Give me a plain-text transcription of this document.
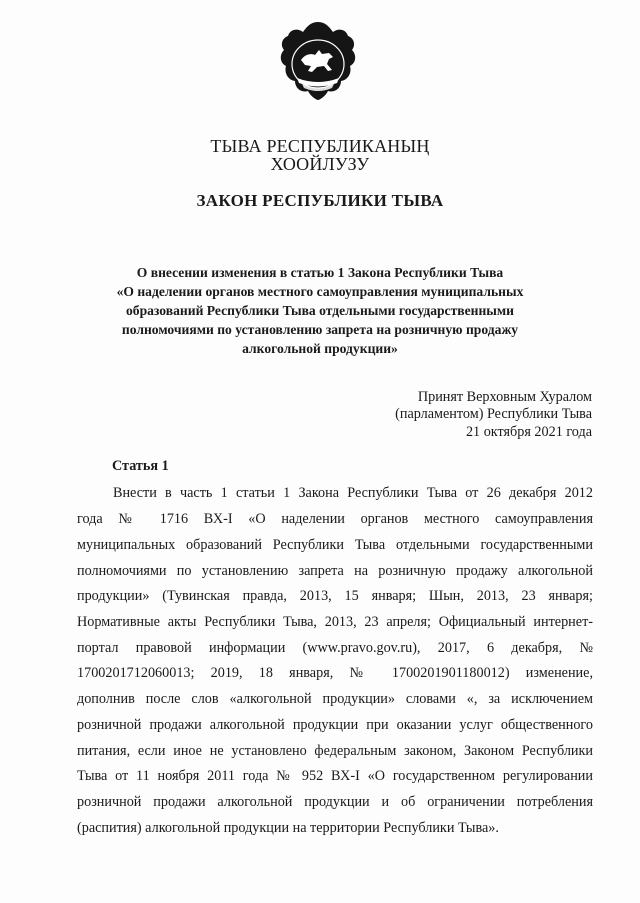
ТЫВА РЕСПУБЛИКАНЫҢ
ХООЙЛУЗУ
ЗАКОН РЕСПУБЛИКИ ТЫВА
О внесении изменения в статью 1 Закона Республики Тыва
«О наделении органов местного самоуправления муниципальных
образований Республики Тыва отдельными государственными
полномочиями по установлению запрета на розничную продажу
алкогольной продукции»
Принят Верховным Хуралом
(парламентом) Республики Тыва
21 октября 2021 года
Статья 1
Внести в часть 1 статьи 1 Закона Республики Тыва от 26 декабря 2012
года № 1716 ВХ-I «О наделении органов местного самоуправления
муниципальных образований Республики Тыва отдельными государственными
полномочиями по установлению запрета на розничную продажу алкогольной
продукции» (Тувинская правда, 2013, 15 января; Шын, 2013, 23 января;
Нормативные акты Республики Тыва, 2013, 23 апреля; Официальный интернет-
портал правовой информации (www.pravo.gov.ru), 2017, 6 декабря, №
1700201712060013; 2019, 18 января, № 1700201901180012) изменение,
дополнив после слов «алкогольной продукции» словами «, за исключением
розничной продажи алкогольной продукции при оказании услуг общественного
питания, если иное не установлено федеральным законом, Законом Республики
Тыва от 11 ноября 2011 года № 952 ВХ-I «О государственном регулировании
розничной продажи алкогольной продукции и об ограничении потребления
(распития) алкогольной продукции на территории Республики Тыва».
